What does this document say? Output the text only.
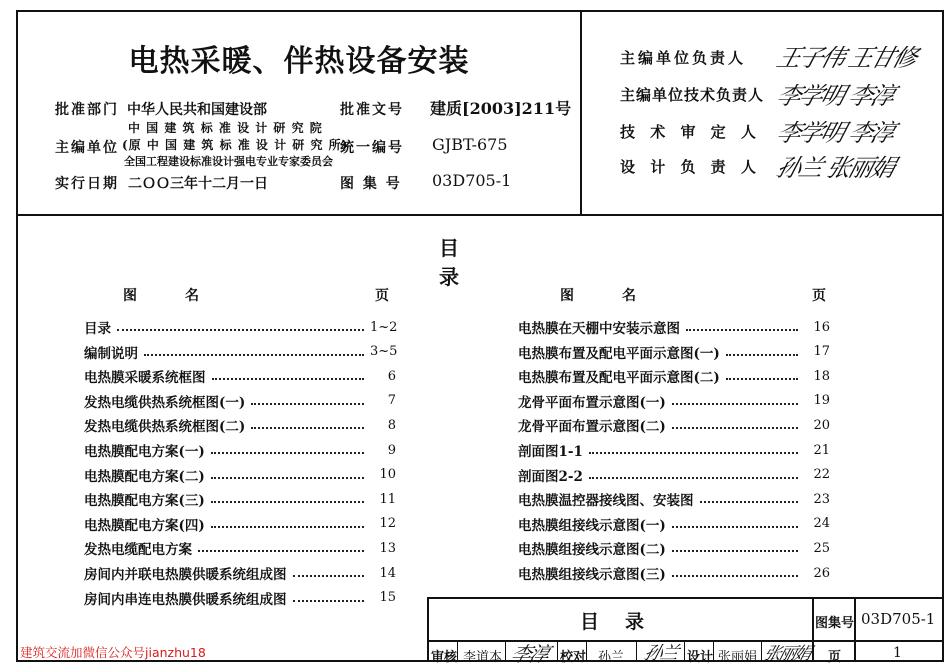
电热采暖、伴热设备安装
批准部门 中华人民共和国建设部
主编单位
中 国 建 筑 标 准 设 计 研 究 院
(原 中 国 建 筑 标 准 设 计 研 究 所)
全国工程建设标准设计强电专业专家委员会
实行日期 二ＯＯ三年十二月一日
批准文号 建质[2003]211号
统一编号 GJBT-675
图 集 号 03D705-1
主编单位负责人 王子伟 王甘修
主编单位技术负责人 李学明 李淳
技 术 审 定 人 李学明 李淳
设 计 负 责 人 孙兰 张丽娟
目录
图名	页	图名	页
目录	1~2
编制说明	3~5
电热膜采暖系统框图	6
发热电缆供热系统框图(一)	7
发热电缆供热系统框图(二)	8
电热膜配电方案(一)	9
电热膜配电方案(二)	10
电热膜配电方案(三)	11
电热膜配电方案(四)	12
发热电缆配电方案	13
房间内并联电热膜供暖系统组成图	14
房间内串连电热膜供暖系统组成图	15
电热膜在天棚中安装示意图	16
电热膜布置及配电平面示意图(一)	17
电热膜布置及配电平面示意图(二)	18
龙骨平面布置示意图(一)	19
龙骨平面布置示意图(二)	20
剖面图1-1	21
剖面图2-2	22
电热膜温控器接线图、安装图	23
电热膜组接线示意图(一)	24
电热膜组接线示意图(二)	25
电热膜组接线示意图(三)	26
目录	图集号 03D705-1
审核 李道本 李淳 校对 孙兰 孙兰 设计 张丽娟 张丽娟 页	1
建筑交流加微信公众号jianzhu18
